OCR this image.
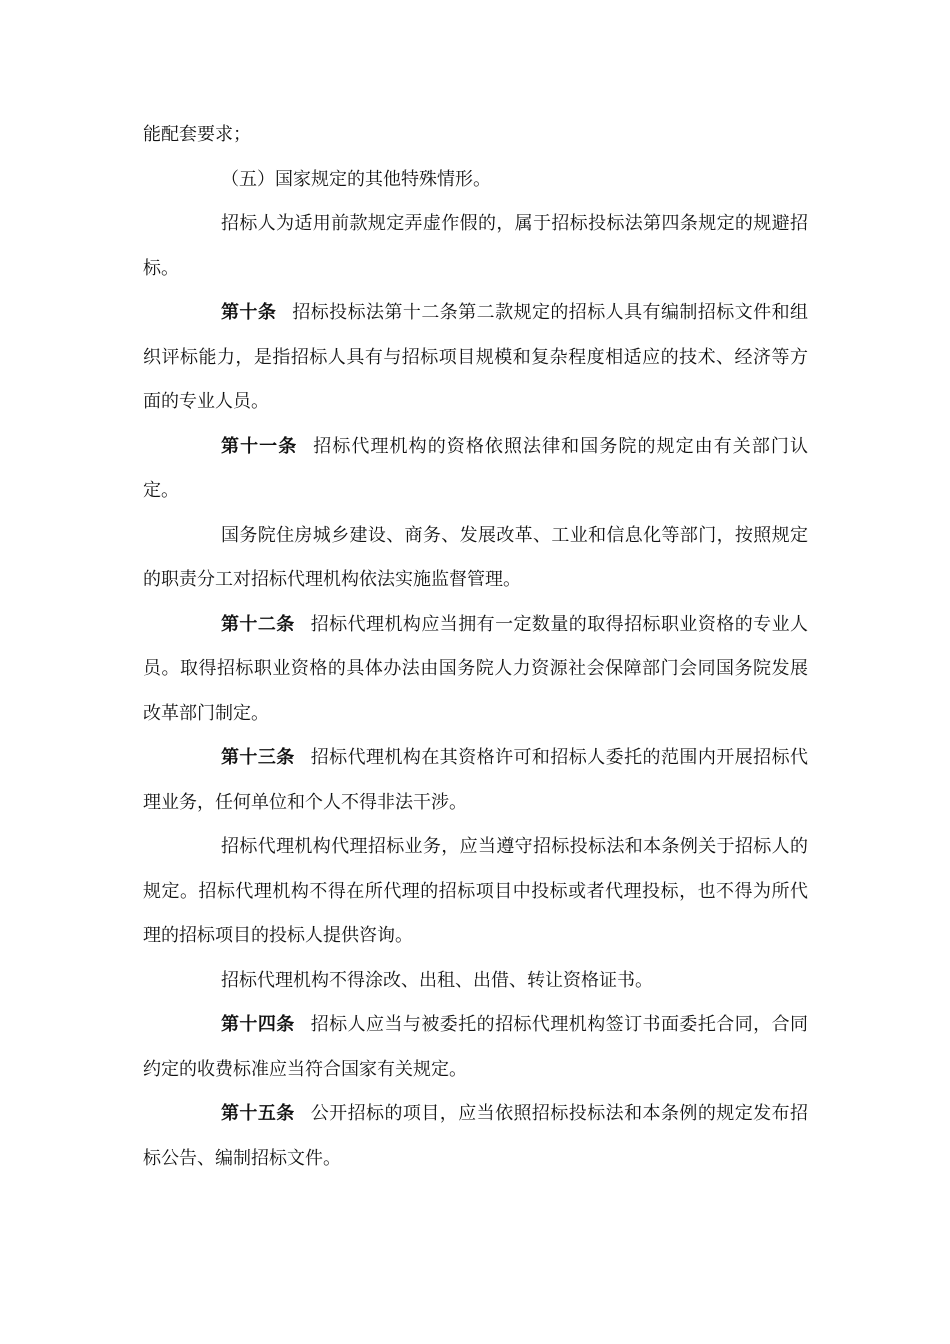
能配套要求；

（五）国家规定的其他特殊情形。

招标人为适用前款规定弄虚作假的，属于招标投标法第四条规定的规避招标。

第十条 招标投标法第十二条第二款规定的招标人具有编制招标文件和组织评标能力，是指招标人具有与招标项目规模和复杂程度相适应的技术、经济等方面的专业人员。

第十一条 招标代理机构的资格依照法律和国务院的规定由有关部门认定。

国务院住房城乡建设、商务、发展改革、工业和信息化等部门，按照规定的职责分工对招标代理机构依法实施监督管理。

第十二条 招标代理机构应当拥有一定数量的取得招标职业资格的专业人员。取得招标职业资格的具体办法由国务院人力资源社会保障部门会同国务院发展改革部门制定。

第十三条 招标代理机构在其资格许可和招标人委托的范围内开展招标代理业务，任何单位和个人不得非法干涉。

招标代理机构代理招标业务，应当遵守招标投标法和本条例关于招标人的规定。招标代理机构不得在所代理的招标项目中投标或者代理投标，也不得为所代理的招标项目的投标人提供咨询。

招标代理机构不得涂改、出租、出借、转让资格证书。

第十四条 招标人应当与被委托的招标代理机构签订书面委托合同，合同约定的收费标准应当符合国家有关规定。

第十五条 公开招标的项目，应当依照招标投标法和本条例的规定发布招标公告、编制招标文件。
